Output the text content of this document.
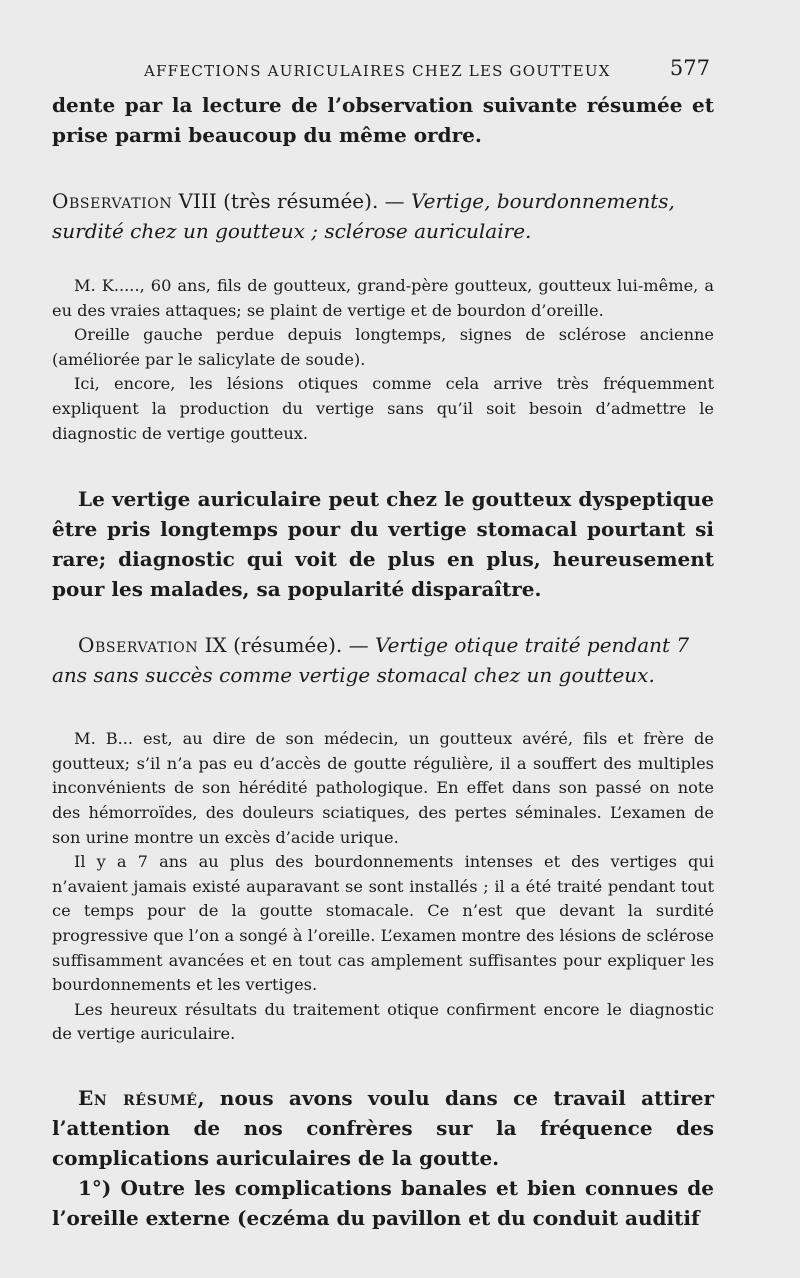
AFFECTIONS AURICULAIRES CHEZ LES GOUTTEUX	577

dente par la lecture de l’observation suivante résumée et prise parmi beaucoup du même ordre.

Observation VIII (très résumée). — Vertige, bourdonnements, surdité chez un goutteux ; sclérose auriculaire.

M. K....., 60 ans, fils de goutteux, grand-père goutteux, goutteux lui-même, a eu des vraies attaques; se plaint de vertige et de bourdon d’oreille.

Oreille gauche perdue depuis longtemps, signes de sclérose ancienne (améliorée par le salicylate de soude).

Ici, encore, les lésions otiques comme cela arrive très fréquemment expliquent la production du vertige sans qu’il soit besoin d’admettre le diagnostic de vertige goutteux.

Le vertige auriculaire peut chez le goutteux dyspeptique être pris longtemps pour du vertige stomacal pourtant si rare; diagnostic qui voit de plus en plus, heureusement pour les malades, sa popularité disparaître.

Observation IX (résumée). — Vertige otique traité pendant 7 ans sans succès comme vertige stomacal chez un goutteux.

M. B... est, au dire de son médecin, un goutteux avéré, fils et frère de goutteux; s’il n’a pas eu d’accès de goutte régulière, il a souffert des multiples inconvénients de son hérédité pathologique. En effet dans son passé on note des hémorroïdes, des douleurs sciatiques, des pertes séminales. L’examen de son urine montre un excès d’acide urique.

Il y a 7 ans au plus des bourdonnements intenses et des vertiges qui n’avaient jamais existé auparavant se sont installés ; il a été traité pendant tout ce temps pour de la goutte stomacale. Ce n’est que devant la surdité progressive que l’on a songé à l’oreille. L’examen montre des lésions de sclérose suffisamment avancées et en tout cas amplement suffisantes pour expliquer les bourdonnements et les vertiges.

Les heureux résultats du traitement otique confirment encore le diagnostic de vertige auriculaire.

En résumé, nous avons voulu dans ce travail attirer l’attention de nos confrères sur la fréquence des complications auriculaires de la goutte.

1°) Outre les complications banales et bien connues de l’oreille externe (eczéma du pavillon et du conduit auditif
